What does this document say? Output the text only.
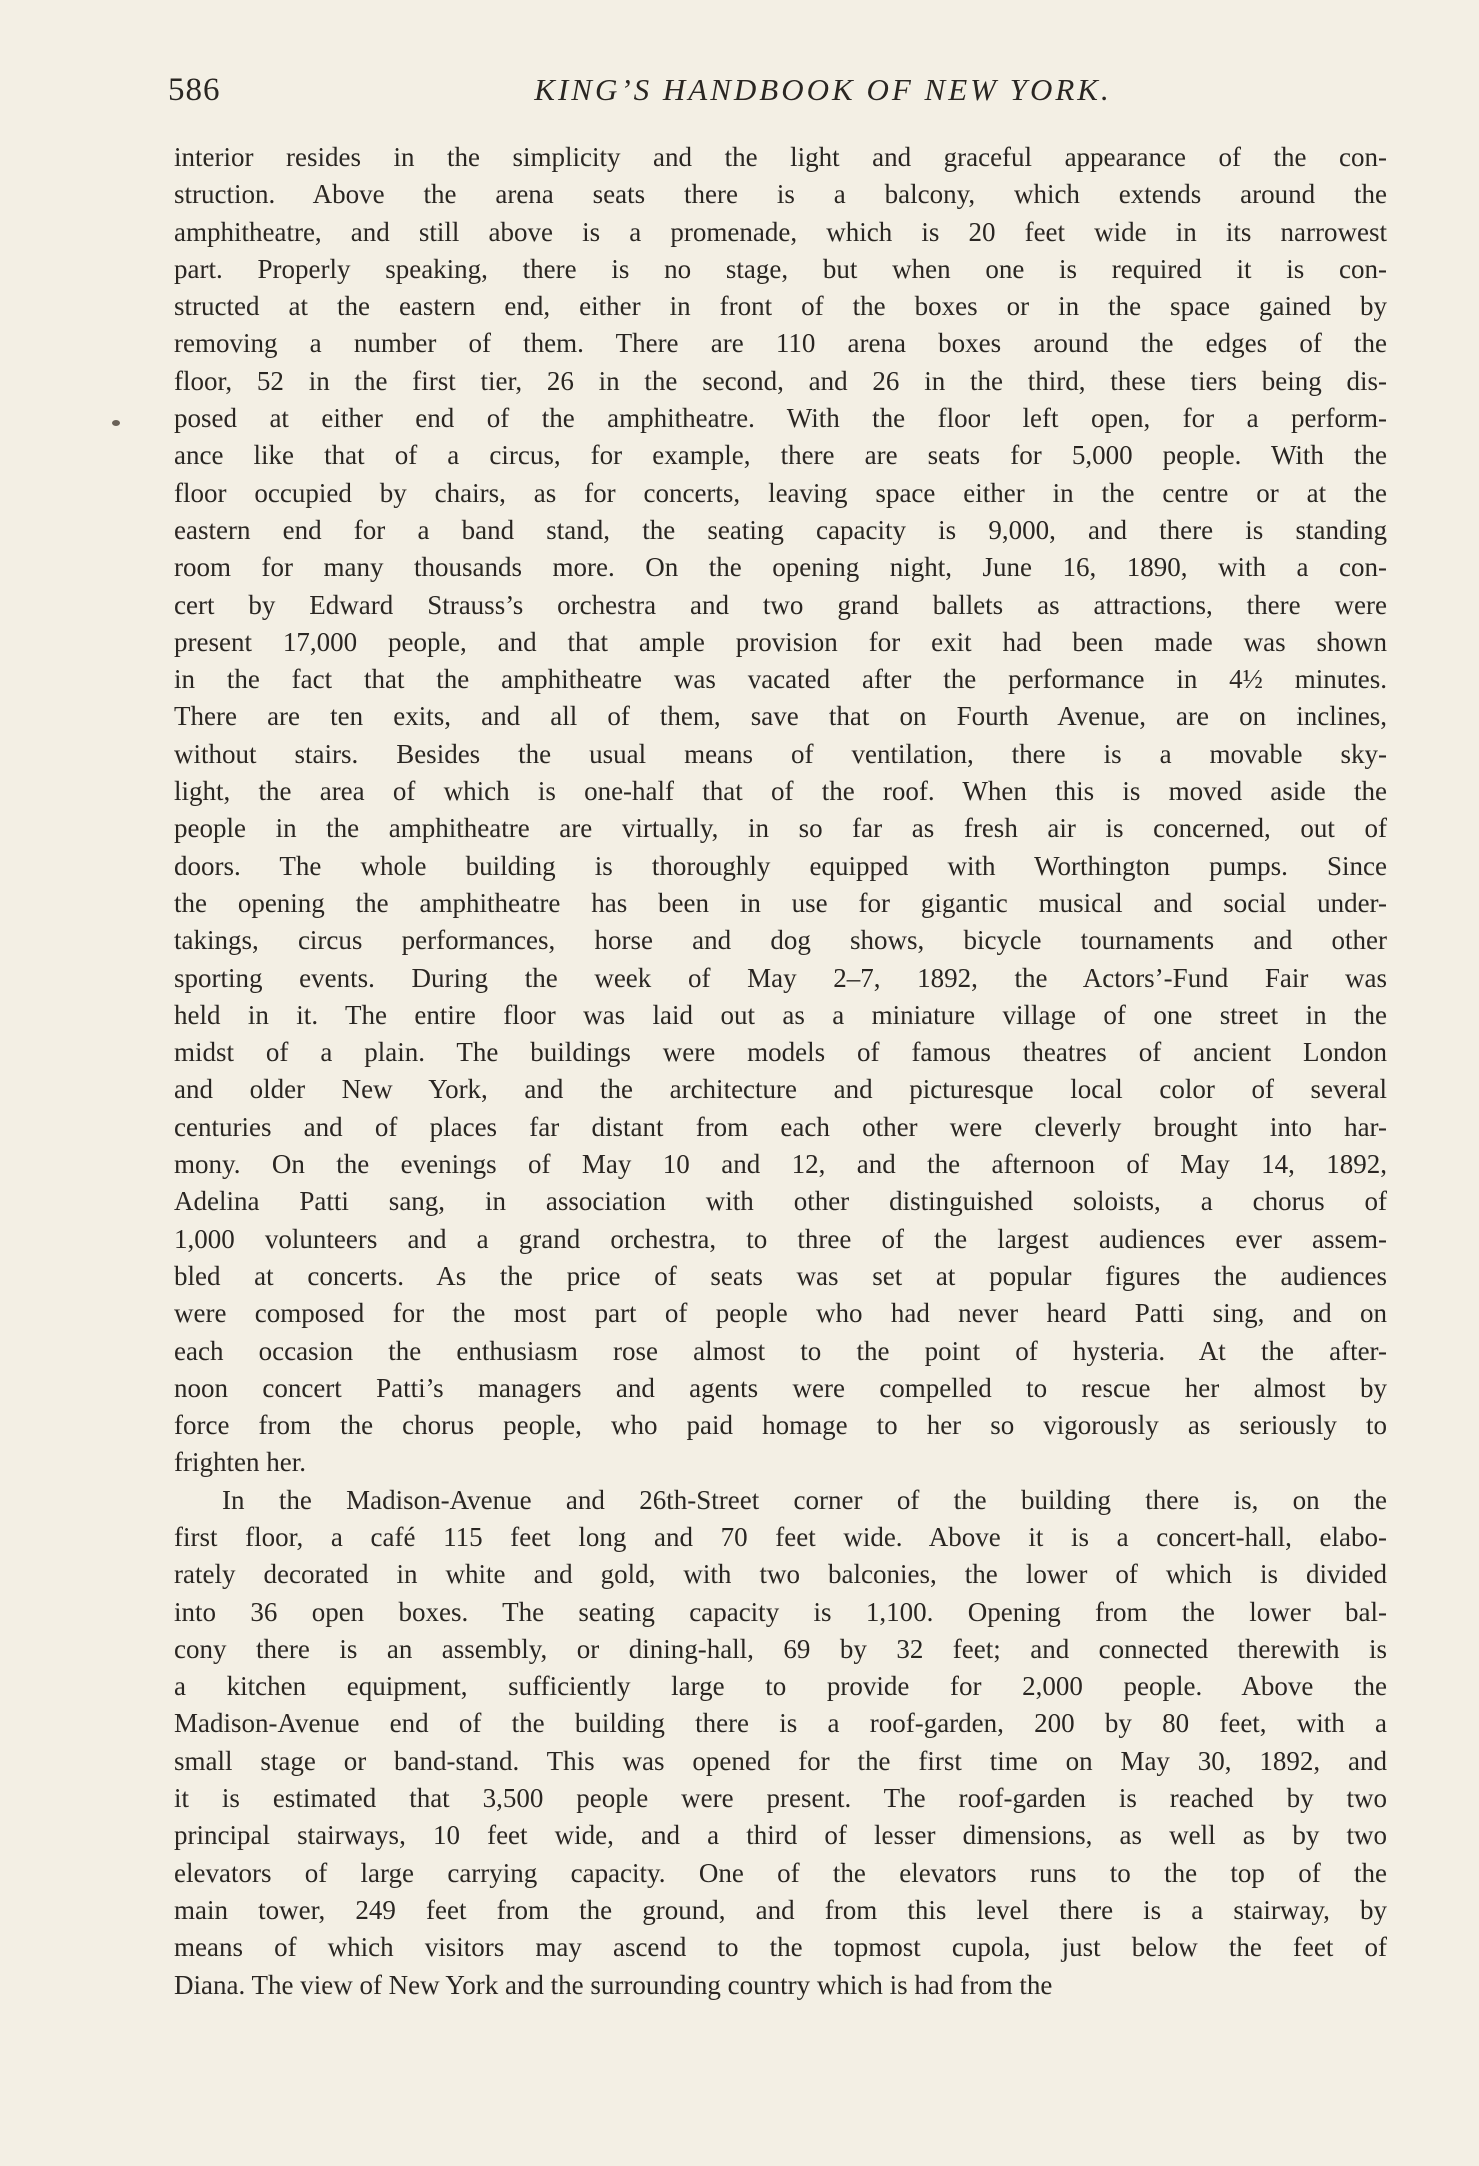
586	KING’S HANDBOOK OF NEW YORK.
interior resides in the simplicity and the light and graceful appearance of the con-
struction. Above the arena seats there is a balcony, which extends around the
amphitheatre, and still above is a promenade, which is 20 feet wide in its narrowest
part. Properly speaking, there is no stage, but when one is required it is con-
structed at the eastern end, either in front of the boxes or in the space gained by
removing a number of them. There are 110 arena boxes around the edges of the
floor, 52 in the first tier, 26 in the second, and 26 in the third, these tiers being dis-
posed at either end of the amphitheatre. With the floor left open, for a perform-
ance like that of a circus, for example, there are seats for 5,000 people. With the
floor occupied by chairs, as for concerts, leaving space either in the centre or at the
eastern end for a band stand, the seating capacity is 9,000, and there is standing
room for many thousands more. On the opening night, June 16, 1890, with a con-
cert by Edward Strauss’s orchestra and two grand ballets as attractions, there were
present 17,000 people, and that ample provision for exit had been made was shown
in the fact that the amphitheatre was vacated after the performance in 4½ minutes.
There are ten exits, and all of them, save that on Fourth Avenue, are on inclines,
without stairs. Besides the usual means of ventilation, there is a movable sky-
light, the area of which is one-half that of the roof. When this is moved aside the
people in the amphitheatre are virtually, in so far as fresh air is concerned, out of
doors. The whole building is thoroughly equipped with Worthington pumps. Since
the opening the amphitheatre has been in use for gigantic musical and social under-
takings, circus performances, horse and dog shows, bicycle tournaments and other
sporting events. During the week of May 2–7, 1892, the Actors’-Fund Fair was
held in it. The entire floor was laid out as a miniature village of one street in the
midst of a plain. The buildings were models of famous theatres of ancient London
and older New York, and the architecture and picturesque local color of several
centuries and of places far distant from each other were cleverly brought into har-
mony. On the evenings of May 10 and 12, and the afternoon of May 14, 1892,
Adelina Patti sang, in association with other distinguished soloists, a chorus of
1,000 volunteers and a grand orchestra, to three of the largest audiences ever assem-
bled at concerts. As the price of seats was set at popular figures the audiences
were composed for the most part of people who had never heard Patti sing, and on
each occasion the enthusiasm rose almost to the point of hysteria. At the after-
noon concert Patti’s managers and agents were compelled to rescue her almost by
force from the chorus people, who paid homage to her so vigorously as seriously to
frighten her.
In the Madison-Avenue and 26th-Street corner of the building there is, on the
first floor, a café 115 feet long and 70 feet wide. Above it is a concert-hall, elabo-
rately decorated in white and gold, with two balconies, the lower of which is divided
into 36 open boxes. The seating capacity is 1,100. Opening from the lower bal-
cony there is an assembly, or dining-hall, 69 by 32 feet; and connected therewith is
a kitchen equipment, sufficiently large to provide for 2,000 people. Above the
Madison-Avenue end of the building there is a roof-garden, 200 by 80 feet, with a
small stage or band-stand. This was opened for the first time on May 30, 1892, and
it is estimated that 3,500 people were present. The roof-garden is reached by two
principal stairways, 10 feet wide, and a third of lesser dimensions, as well as by two
elevators of large carrying capacity. One of the elevators runs to the top of the
main tower, 249 feet from the ground, and from this level there is a stairway, by
means of which visitors may ascend to the topmost cupola, just below the feet of
Diana. The view of New York and the surrounding country which is had from the
